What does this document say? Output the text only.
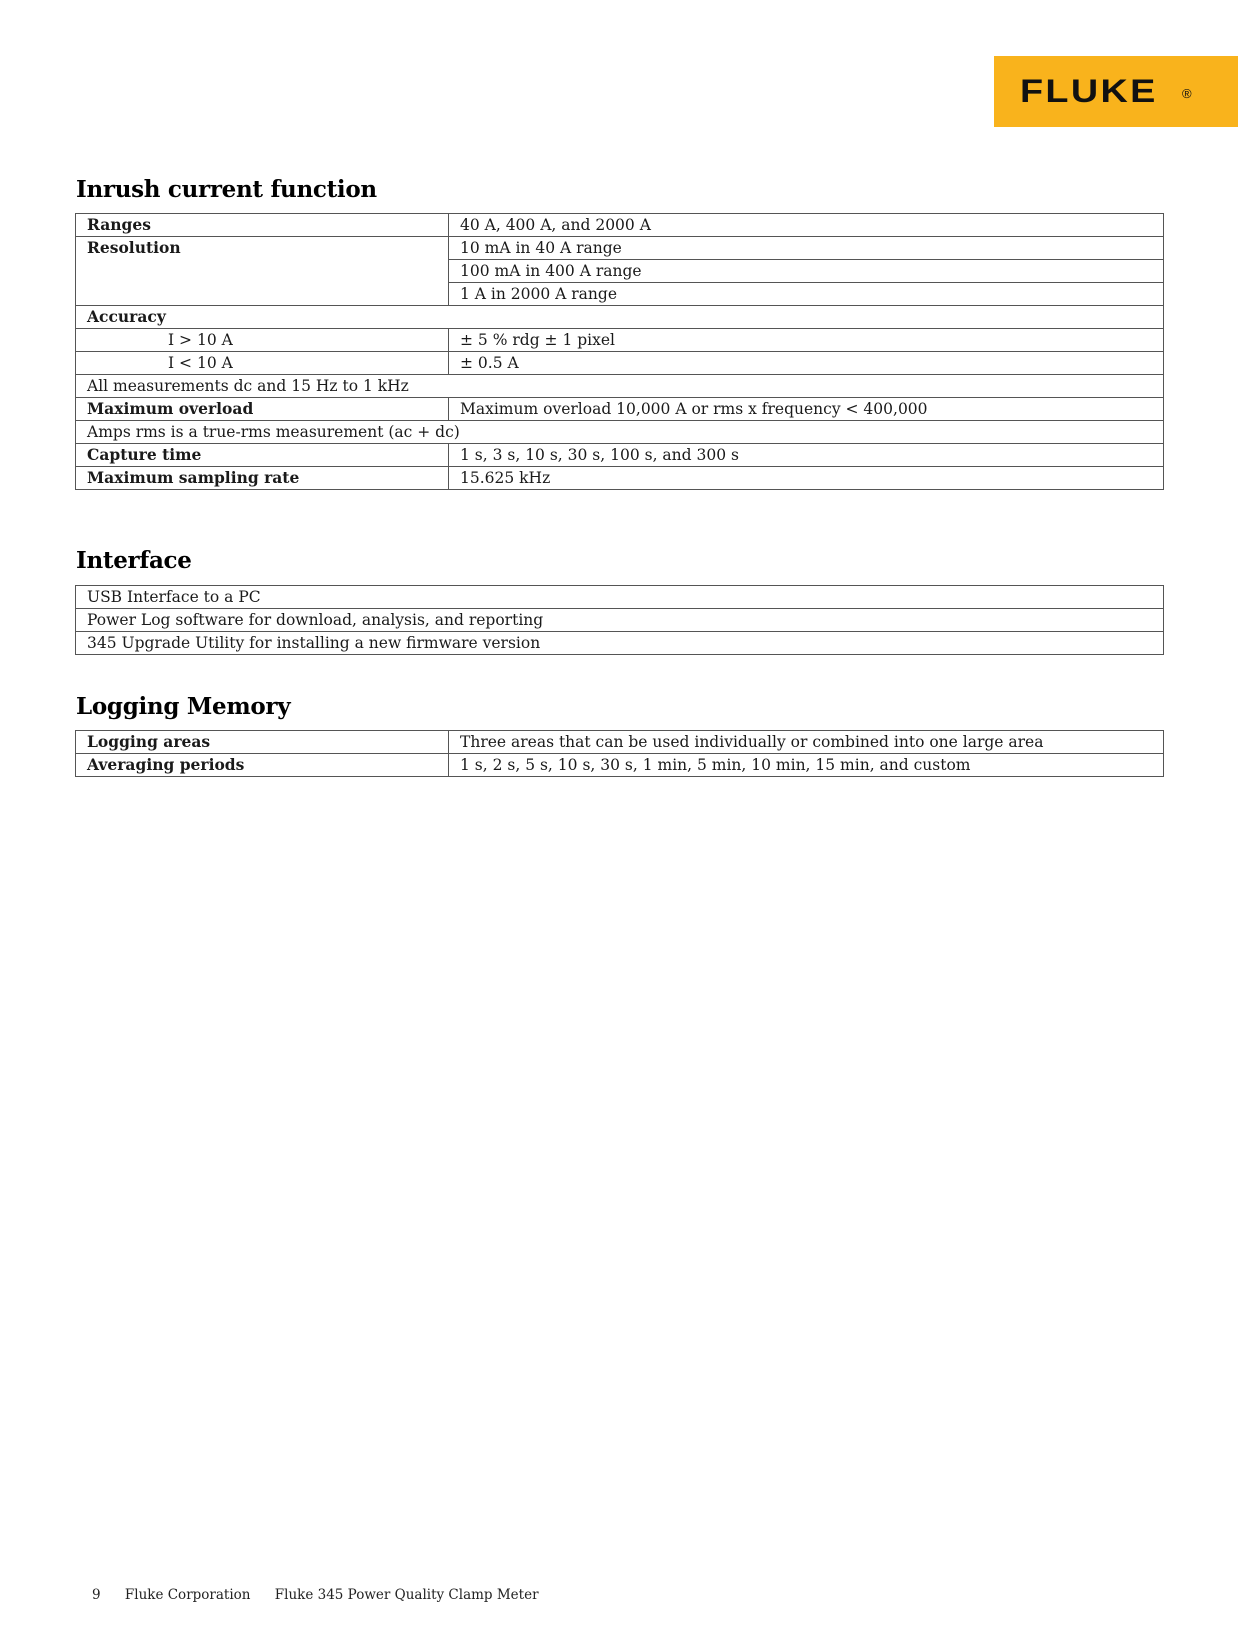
FLUKE ®
Inrush current function
Ranges	40 A, 400 A, and 2000 A
Resolution	10 mA in 40 A range
	100 mA in 400 A range
	1 A in 2000 A range
Accuracy	
I > 10 A	± 5 % rdg ± 1 pixel
I < 10 A	± 0.5 A
All measurements dc and 15 Hz to 1 kHz	
Maximum overload	Maximum overload 10,000 A or rms x frequency < 400,000
Amps rms is a true-rms measurement (ac + dc)	
Capture time	1 s, 3 s, 10 s, 30 s, 100 s, and 300 s
Maximum sampling rate	15.625 kHz
Interface
USB Interface to a PC
Power Log software for download, analysis, and reporting
345 Upgrade Utility for installing a new firmware version
Logging Memory
Logging areas	Three areas that can be used individually or combined into one large area
Averaging periods	1 s, 2 s, 5 s, 10 s, 30 s, 1 min, 5 min, 10 min, 15 min, and custom
9 Fluke Corporation Fluke 345 Power Quality Clamp Meter
